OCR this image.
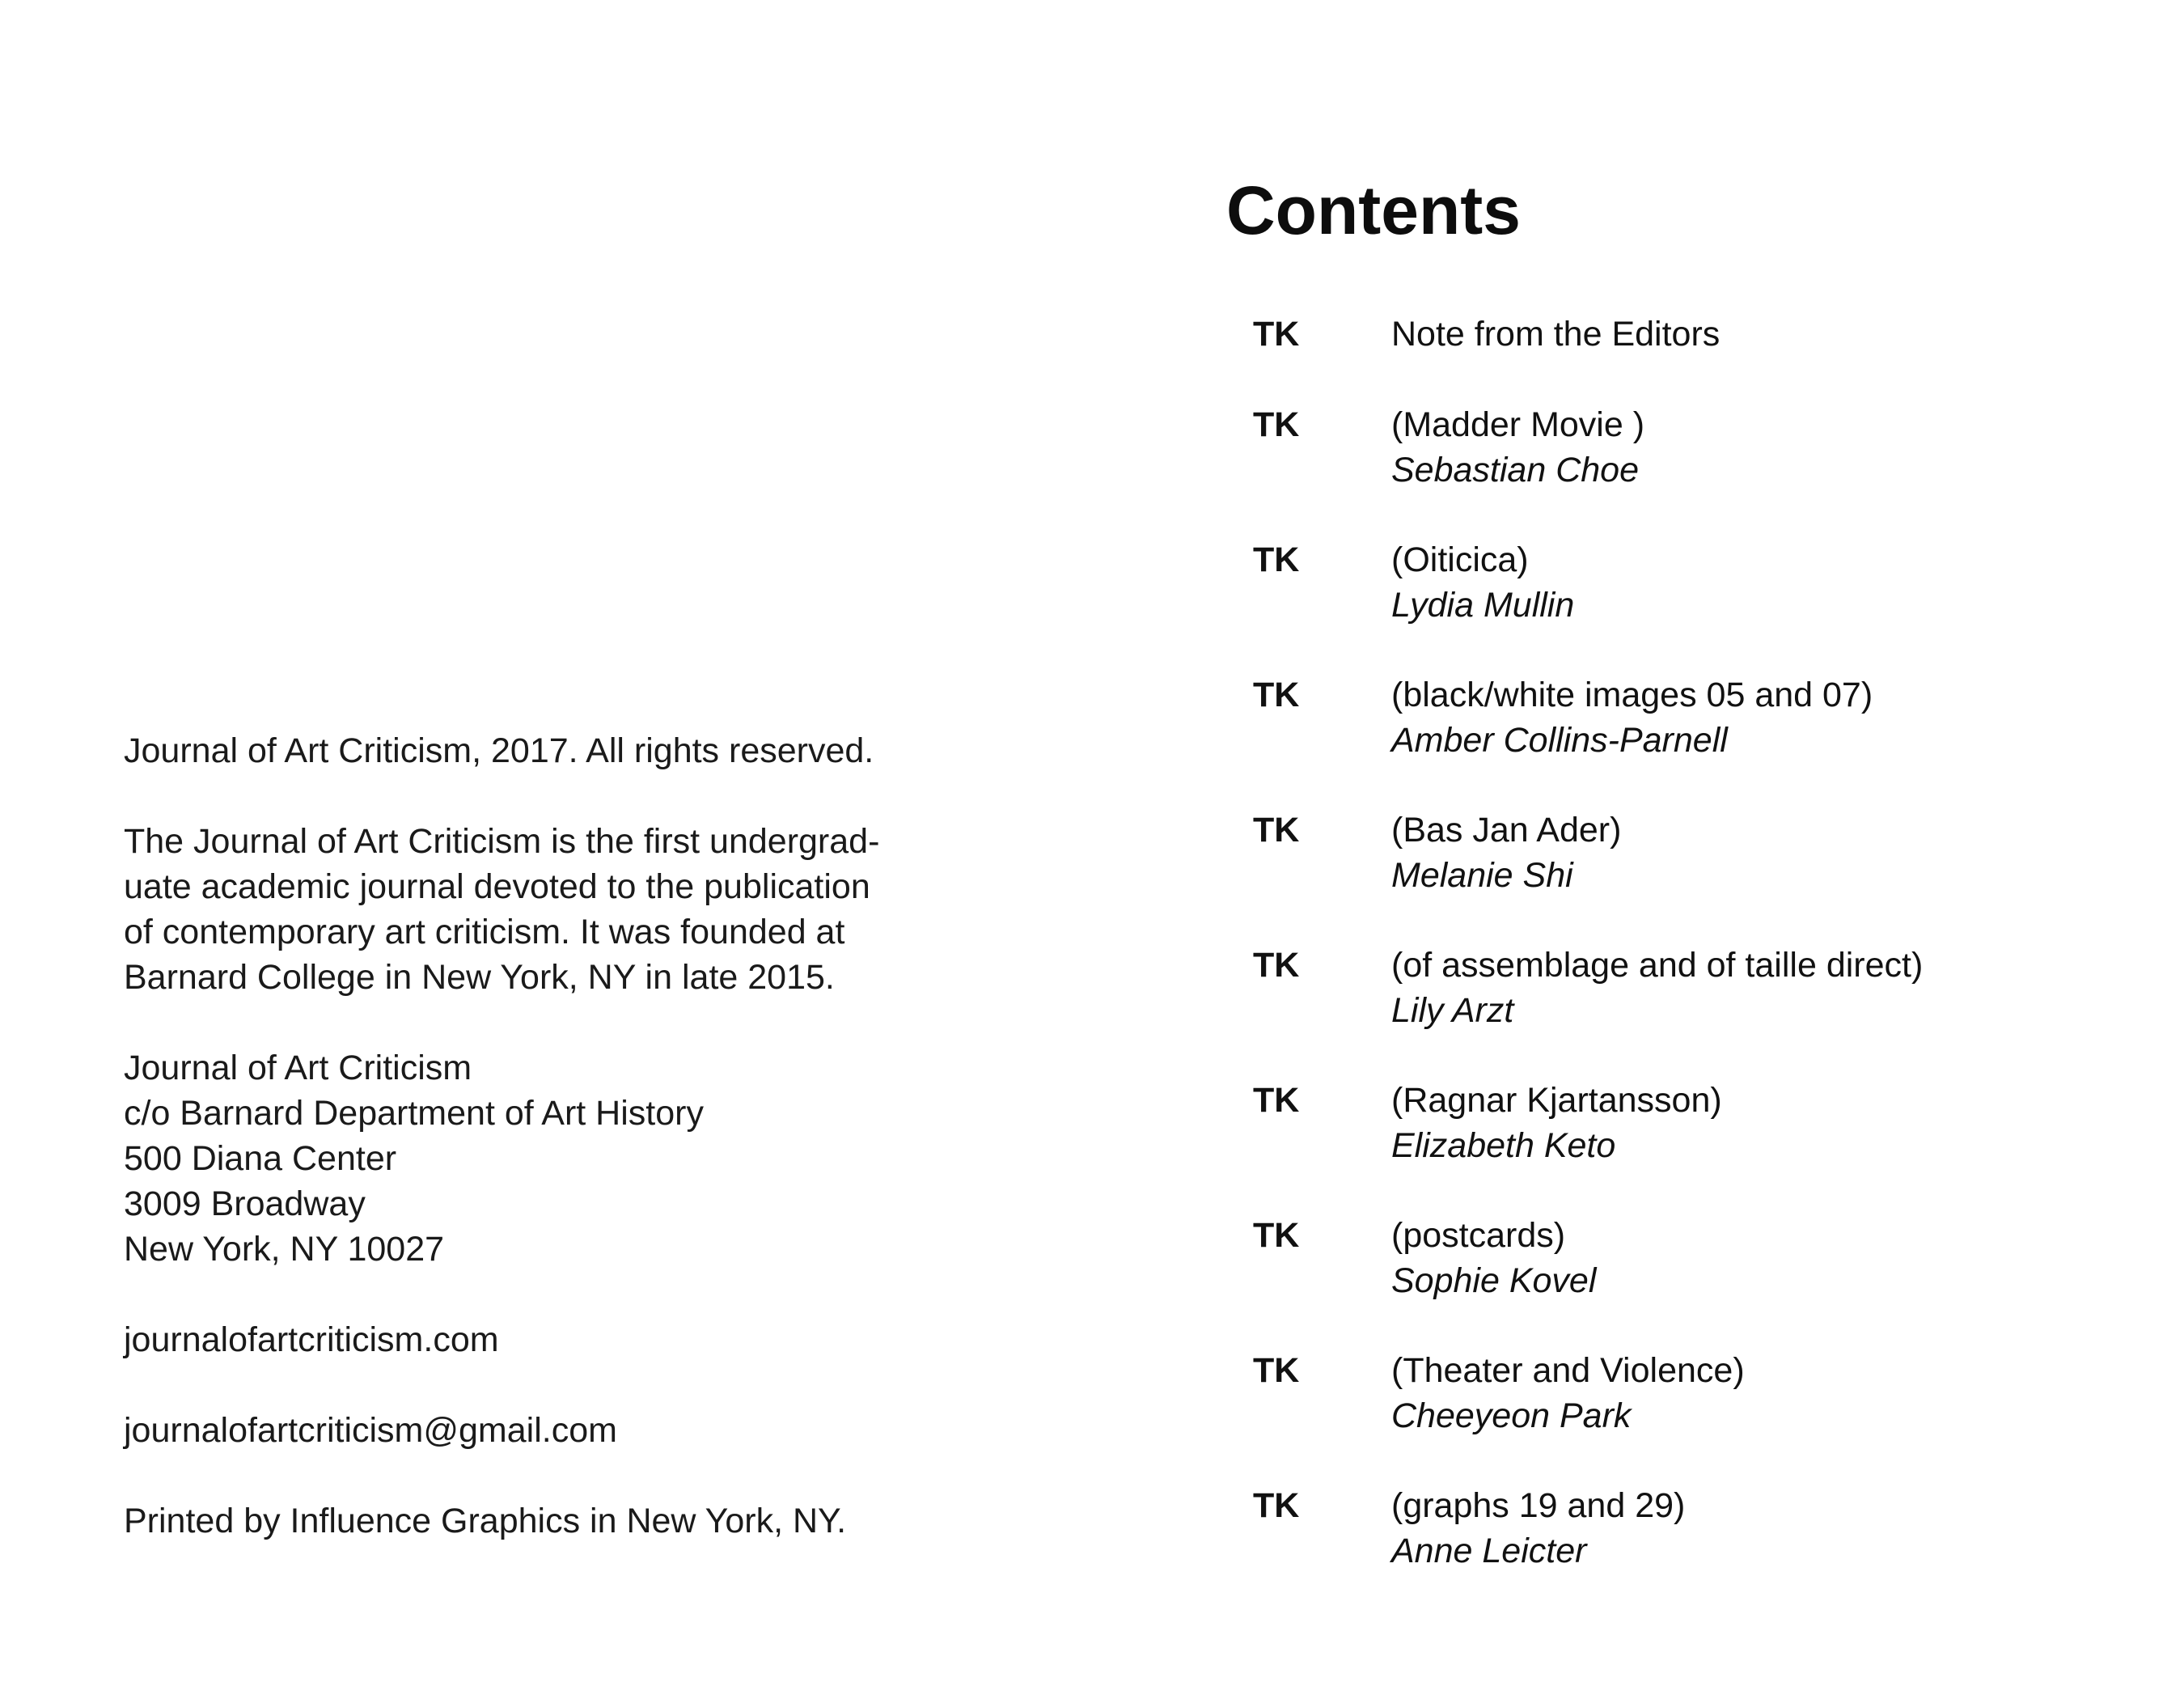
Journal of Art Criticism, 2017. All rights reserved.

The Journal of Art Criticism is the first undergrad-
uate academic journal devoted to the publication
of contemporary art criticism. It was founded at
Barnard College in New York, NY in late 2015.

Journal of Art Criticism
c/o Barnard Department of Art History
500 Diana Center
3009 Broadway
New York, NY 10027

journalofartcriticism.com

journalofartcriticism@gmail.com

Printed by Influence Graphics in New York, NY.

Contents
TK	Note from the Editors
TK	(Madder Movie )
Sebastian Choe
TK	(Oiticica)
Lydia Mullin
TK	(black/white images 05 and 07)
Amber Collins-Parnell
TK	(Bas Jan Ader)
Melanie Shi
TK	(of assemblage and of taille direct)
Lily Arzt
TK	(Ragnar Kjartansson)
Elizabeth Keto
TK	(postcards)
Sophie Kovel
TK	(Theater and Violence)
Cheeyeon Park
TK	(graphs 19 and 29)
Anne Leicter
